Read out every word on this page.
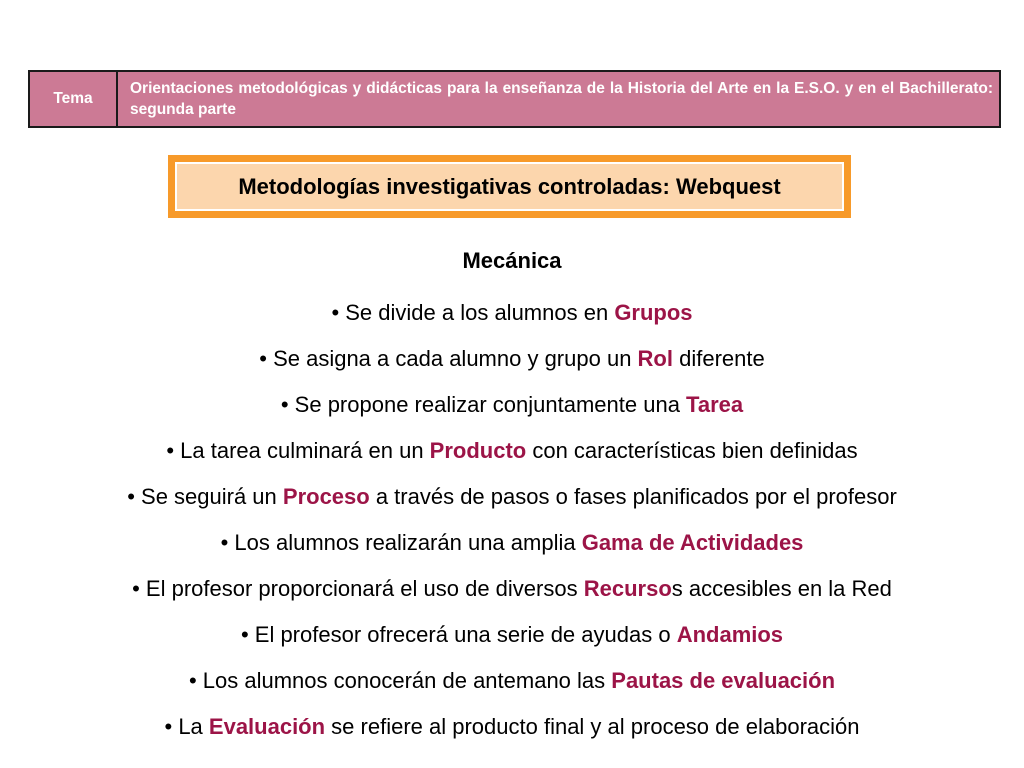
Tema	Orientaciones metodológicas y didácticas para la enseñanza de la Historia del Arte en la E.S.O. y en el Bachillerato: segunda parte
Metodologías investigativas controladas: Webquest
Mecánica
• Se divide a los alumnos en Grupos
• Se asigna a cada alumno y grupo un Rol diferente
• Se propone realizar conjuntamente una Tarea
• La tarea culminará en un Producto con características bien definidas
• Se seguirá un Proceso a través de pasos o fases planificados por el profesor
• Los alumnos realizarán una amplia Gama de Actividades
• El profesor proporcionará el uso de diversos Recursos accesibles en la Red
• El profesor ofrecerá una serie de ayudas o Andamios
• Los alumnos conocerán de antemano las Pautas de evaluación
• La Evaluación se refiere al producto final y al proceso de elaboración
